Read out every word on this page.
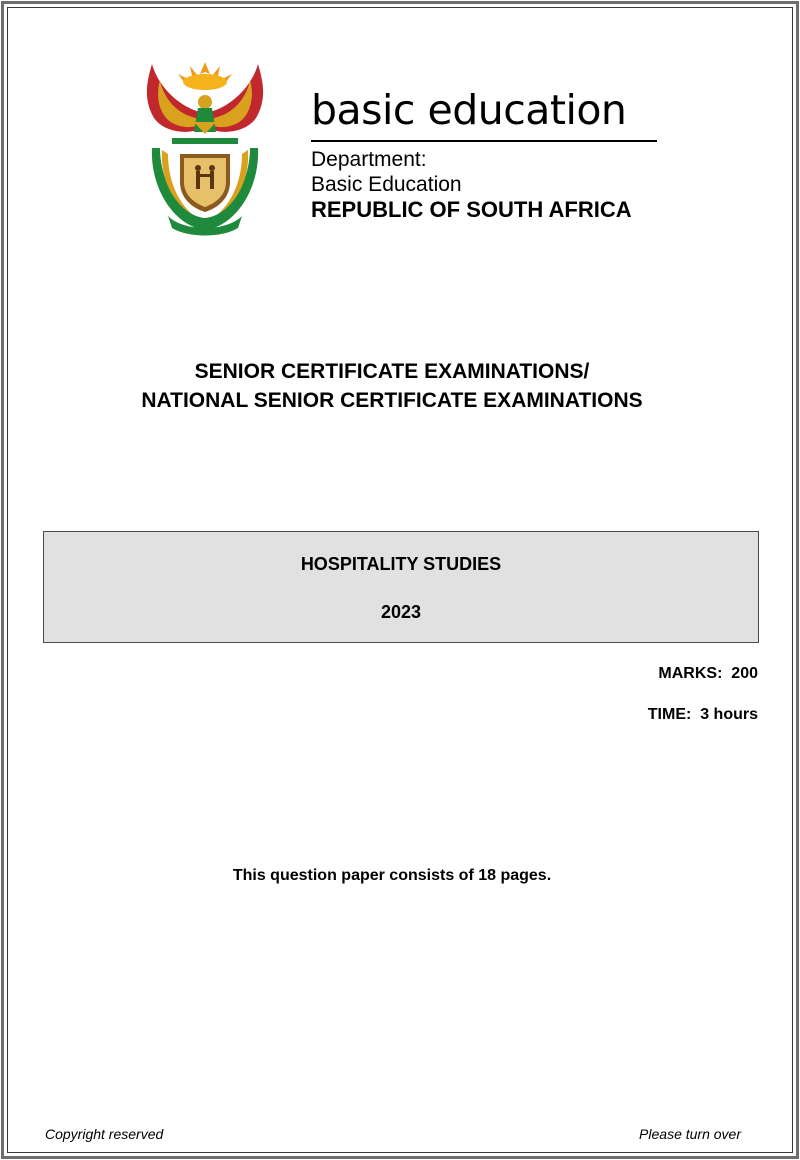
basic education

Department:
Basic Education
REPUBLIC OF SOUTH AFRICA
SENIOR CERTIFICATE EXAMINATIONS/
NATIONAL SENIOR CERTIFICATE EXAMINATIONS
HOSPITALITY STUDIES
2023
MARKS:  200
TIME:  3 hours
This question paper consists of 18 pages.
Copyright reserved	Please turn over
